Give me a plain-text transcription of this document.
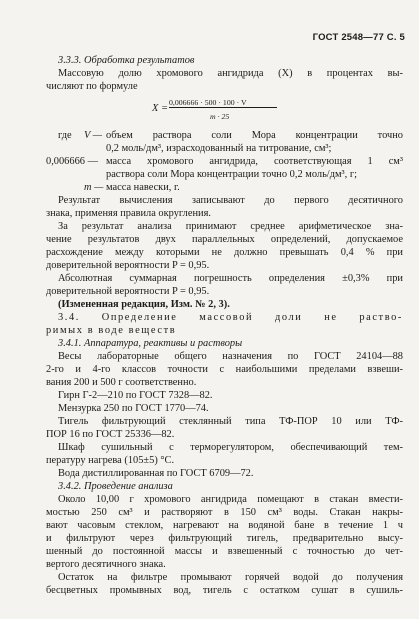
ГОСТ 2548—77 С. 5
3.3.3. Обработка результатов
Массовую долю хромового ангидрида (X) в процентах вы-
числяют по формуле
X =
0,006666 · 500 · 100 · V
m · 25
где V — объем раствора соли Мора концентрации точно
0,2 моль/дм³, израсходованный на титрование, см³;
0,006666 — масса хромового ангидрида, соответствующая 1 см³
раствора соли Мора концентрации точно 0,2 моль/дм³, г;
m — масса навески, г.
Результат вычисления записывают до первого десятичного
знака, применяя правила округления.
За результат анализа принимают среднее арифметическое зна-
чение результатов двух параллельных определений, допускаемое
расхождение между которыми не должно превышать 0,4 % при
доверительной вероятности P = 0,95.
Абсолютная суммарная погрешность определения ±0,3% при
доверительной вероятности P = 0,95.
(Измененная редакция, Изм. № 2, 3).
3.4. Определение массовой доли не раство-
римых в воде веществ
3.4.1. Аппаратура, реактивы и растворы
Весы лабораторные общего назначения по ГОСТ 24104—88
2-го и 4-го классов точности с наибольшими пределами взвеши-
вания 200 и 500 г соответственно.
Гирн Г-2—210 по ГОСТ 7328—82.
Мензурка 250 по ГОСТ 1770—74.
Тигель фильтрующий стеклянный типа ТФ-ПОР 10 или ТФ-
ПОР 16 по ГОСТ 25336—82.
Шкаф сушильный с терморегулятором, обеспечивающий тем-
пературу нагрева (105±5) °С.
Вода дистиллированная по ГОСТ 6709—72.
3.4.2. Проведение анализа
Около 10,00 г хромового ангидрида помещают в стакан вмести-
мостью 250 см³ и растворяют в 150 см³ воды. Стакан накры-
вают часовым стеклом, нагревают на водяной бане в течение 1 ч
и фильтруют через фильтрующий тигель, предварительно высу-
шенный до постоянной массы и взвешенный с точностью до чет-
вертого десятичного знака.
Остаток на фильтре промывают горячей водой до получения
бесцветных промывных вод, тигель с остатком сушат в сушиль-
